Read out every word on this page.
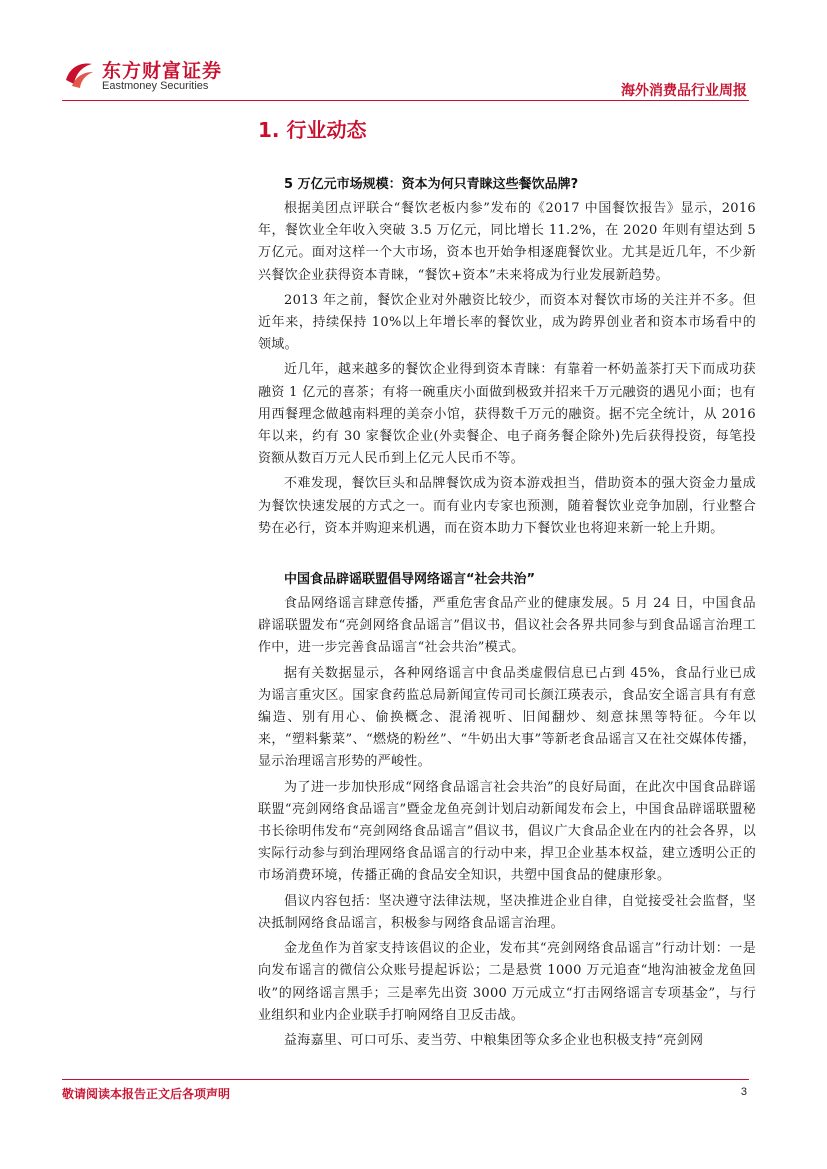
东方财富证券
Eastmoney Securities	海外消费品行业周报
1. 行业动态
5 万亿元市场规模：资本为何只青睐这些餐饮品牌?

根据美团点评联合“餐饮老板内参”发布的《2017 中国餐饮报告》显示，2016 年，餐饮业全年收入突破 3.5 万亿元，同比增长 11.2%，在 2020 年则有望达到 5 万亿元。面对这样一个大市场，资本也开始争相逐鹿餐饮业。尤其是近几年，不少新兴餐饮企业获得资本青睐，“餐饮+资本”未来将成为行业发展新趋势。

2013 年之前，餐饮企业对外融资比较少，而资本对餐饮市场的关注并不多。但近年来，持续保持 10%以上年增长率的餐饮业，成为跨界创业者和资本市场看中的领域。

近几年，越来越多的餐饮企业得到资本青睐：有靠着一杯奶盖茶打天下而成功获融资 1 亿元的喜茶；有将一碗重庆小面做到极致并招来千万元融资的遇见小面；也有用西餐理念做越南料理的美奈小馆，获得数千万元的融资。据不完全统计，从 2016 年以来，约有 30 家餐饮企业(外卖餐企、电子商务餐企除外)先后获得投资，每笔投资额从数百万元人民币到上亿元人民币不等。

不难发现，餐饮巨头和品牌餐饮成为资本游戏担当，借助资本的强大资金力量成为餐饮快速发展的方式之一。而有业内专家也预测，随着餐饮业竞争加剧，行业整合势在必行，资本并购迎来机遇，而在资本助力下餐饮业也将迎来新一轮上升期。

中国食品辟谣联盟倡导网络谣言“社会共治”

食品网络谣言肆意传播，严重危害食品产业的健康发展。5 月 24 日，中国食品辟谣联盟发布“亮剑网络食品谣言”倡议书，倡议社会各界共同参与到食品谣言治理工作中，进一步完善食品谣言“社会共治”模式。

据有关数据显示，各种网络谣言中食品类虚假信息已占到 45%，食品行业已成为谣言重灾区。国家食药监总局新闻宣传司司长颜江瑛表示，食品安全谣言具有有意编造、别有用心、偷换概念、混淆视听、旧闻翻炒、刻意抹黑等特征。今年以来，“塑料紫菜”、“燃烧的粉丝”、“牛奶出大事”等新老食品谣言又在社交媒体传播，显示治理谣言形势的严峻性。

为了进一步加快形成“网络食品谣言社会共治”的良好局面，在此次中国食品辟谣联盟“亮剑网络食品谣言”暨金龙鱼亮剑计划启动新闻发布会上，中国食品辟谣联盟秘书长徐明伟发布“亮剑网络食品谣言”倡议书，倡议广大食品企业在内的社会各界，以实际行动参与到治理网络食品谣言的行动中来，捍卫企业基本权益，建立透明公正的市场消费环境，传播正确的食品安全知识，共塑中国食品的健康形象。

倡议内容包括：坚决遵守法律法规，坚决推进企业自律，自觉接受社会监督，坚决抵制网络食品谣言，积极参与网络食品谣言治理。

金龙鱼作为首家支持该倡议的企业，发布其“亮剑网络食品谣言”行动计划：一是向发布谣言的微信公众账号提起诉讼；二是悬赏 1000 万元追查“地沟油被金龙鱼回收”的网络谣言黑手；三是率先出资 3000 万元成立“打击网络谣言专项基金”，与行业组织和业内企业联手打响网络自卫反击战。

益海嘉里、可口可乐、麦当劳、中粮集团等众多企业也积极支持“亮剑网

敬请阅读本报告正文后各项声明	3
